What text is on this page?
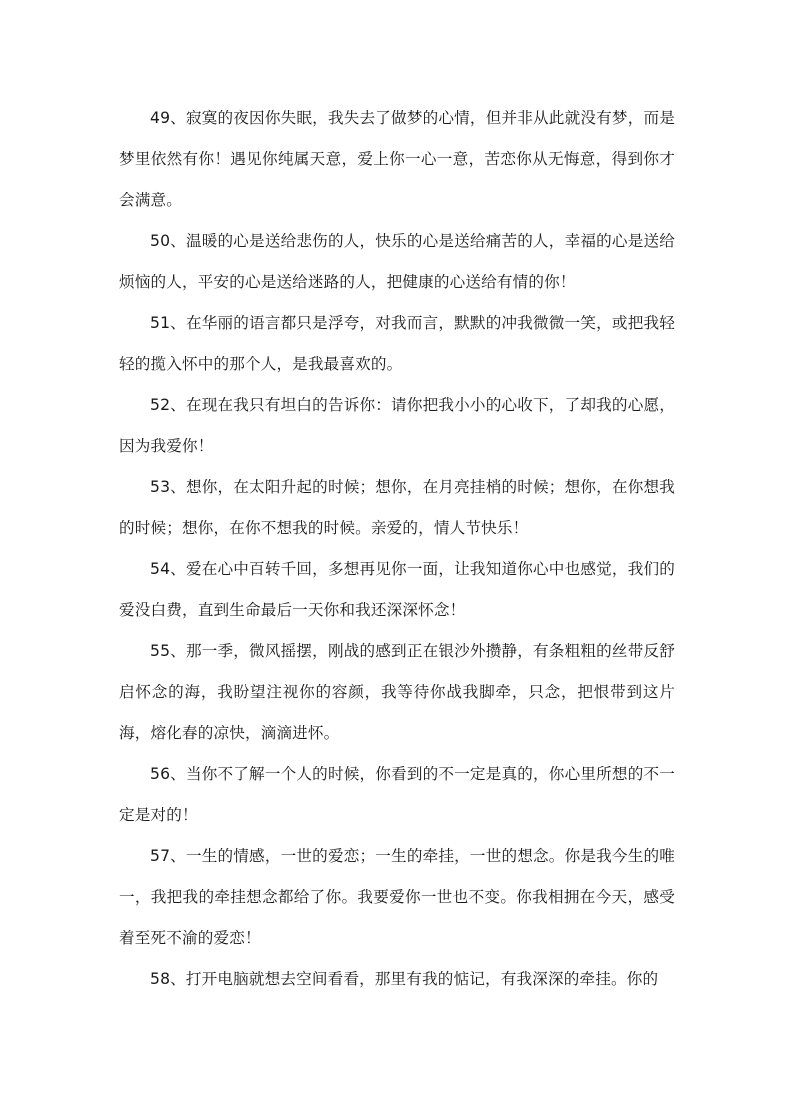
49、寂寞的夜因你失眠，我失去了做梦的心情，但并非从此就没有梦，而是梦里依然有你！遇见你纯属天意，爱上你一心一意，苦恋你从无悔意，得到你才会满意。

50、温暖的心是送给悲伤的人，快乐的心是送给痛苦的人，幸福的心是送给烦恼的人，平安的心是送给迷路的人，把健康的心送给有情的你！

51、在华丽的语言都只是浮夸，对我而言，默默的冲我微微一笑，或把我轻轻的揽入怀中的那个人，是我最喜欢的。

52、在现在我只有坦白的告诉你：请你把我小小的心收下，了却我的心愿，因为我爱你！

53、想你，在太阳升起的时候；想你，在月亮挂梢的时候；想你，在你想我的时候；想你，在你不想我的时候。亲爱的，情人节快乐！

54、爱在心中百转千回，多想再见你一面，让我知道你心中也感觉，我们的爱没白费，直到生命最后一天你和我还深深怀念！

55、那一季，微风摇摆，刚战的感到正在银沙外攒静，有条粗粗的丝带反舒启怀念的海，我盼望注视你的容颜，我等待你战我脚牵，只念，把恨带到这片海，熔化春的凉快，滴滴进怀。

56、当你不了解一个人的时候，你看到的不一定是真的，你心里所想的不一定是对的！

57、一生的情感，一世的爱恋；一生的牵挂，一世的想念。你是我今生的唯一，我把我的牵挂想念都给了你。我要爱你一世也不变。你我相拥在今天，感受着至死不渝的爱恋！

58、打开电脑就想去空间看看，那里有我的惦记，有我深深的牵挂。你的
